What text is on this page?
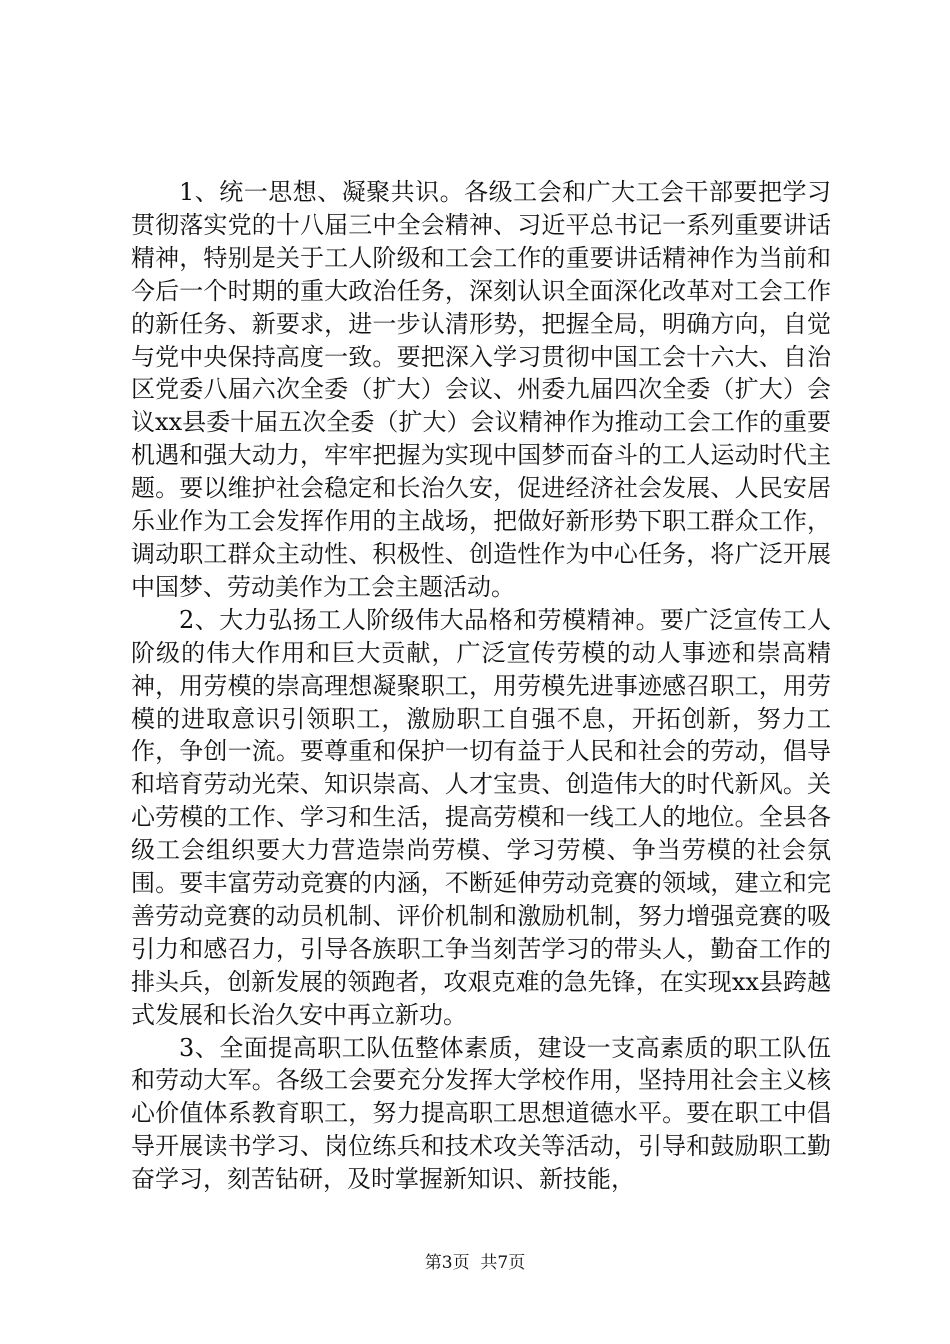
1、统一思想、凝聚共识。各级工会和广大工会干部要把学习贯彻落实党的十八届三中全会精神、习近平总书记一系列重要讲话精神，特别是关于工人阶级和工会工作的重要讲话精神作为当前和今后一个时期的重大政治任务，深刻认识全面深化改革对工会工作的新任务、新要求，进一步认清形势，把握全局，明确方向，自觉与党中央保持高度一致。要把深入学习贯彻中国工会十六大、自治区党委八届六次全委（扩大）会议、州委九届四次全委（扩大）会议xx县委十届五次全委（扩大）会议精神作为推动工会工作的重要机遇和强大动力，牢牢把握为实现中国梦而奋斗的工人运动时代主题。要以维护社会稳定和长治久安，促进经济社会发展、人民安居乐业作为工会发挥作用的主战场，把做好新形势下职工群众工作，调动职工群众主动性、积极性、创造性作为中心任务，将广泛开展中国梦、劳动美作为工会主题活动。

2、大力弘扬工人阶级伟大品格和劳模精神。要广泛宣传工人阶级的伟大作用和巨大贡献，广泛宣传劳模的动人事迹和崇高精神，用劳模的崇高理想凝聚职工，用劳模先进事迹感召职工，用劳模的进取意识引领职工，激励职工自强不息，开拓创新，努力工作，争创一流。要尊重和保护一切有益于人民和社会的劳动，倡导和培育劳动光荣、知识崇高、人才宝贵、创造伟大的时代新风。关心劳模的工作、学习和生活，提高劳模和一线工人的地位。全县各级工会组织要大力营造崇尚劳模、学习劳模、争当劳模的社会氛围。要丰富劳动竞赛的内涵，不断延伸劳动竞赛的领域，建立和完善劳动竞赛的动员机制、评价机制和激励机制，努力增强竞赛的吸引力和感召力，引导各族职工争当刻苦学习的带头人，勤奋工作的排头兵，创新发展的领跑者，攻艰克难的急先锋，在实现xx县跨越式发展和长治久安中再立新功。

3、全面提高职工队伍整体素质，建设一支高素质的职工队伍和劳动大军。各级工会要充分发挥大学校作用，坚持用社会主义核心价值体系教育职工，努力提高职工思想道德水平。要在职工中倡导开展读书学习、岗位练兵和技术攻关等活动，引导和鼓励职工勤奋学习，刻苦钻研，及时掌握新知识、新技能，

第3页 共7页
